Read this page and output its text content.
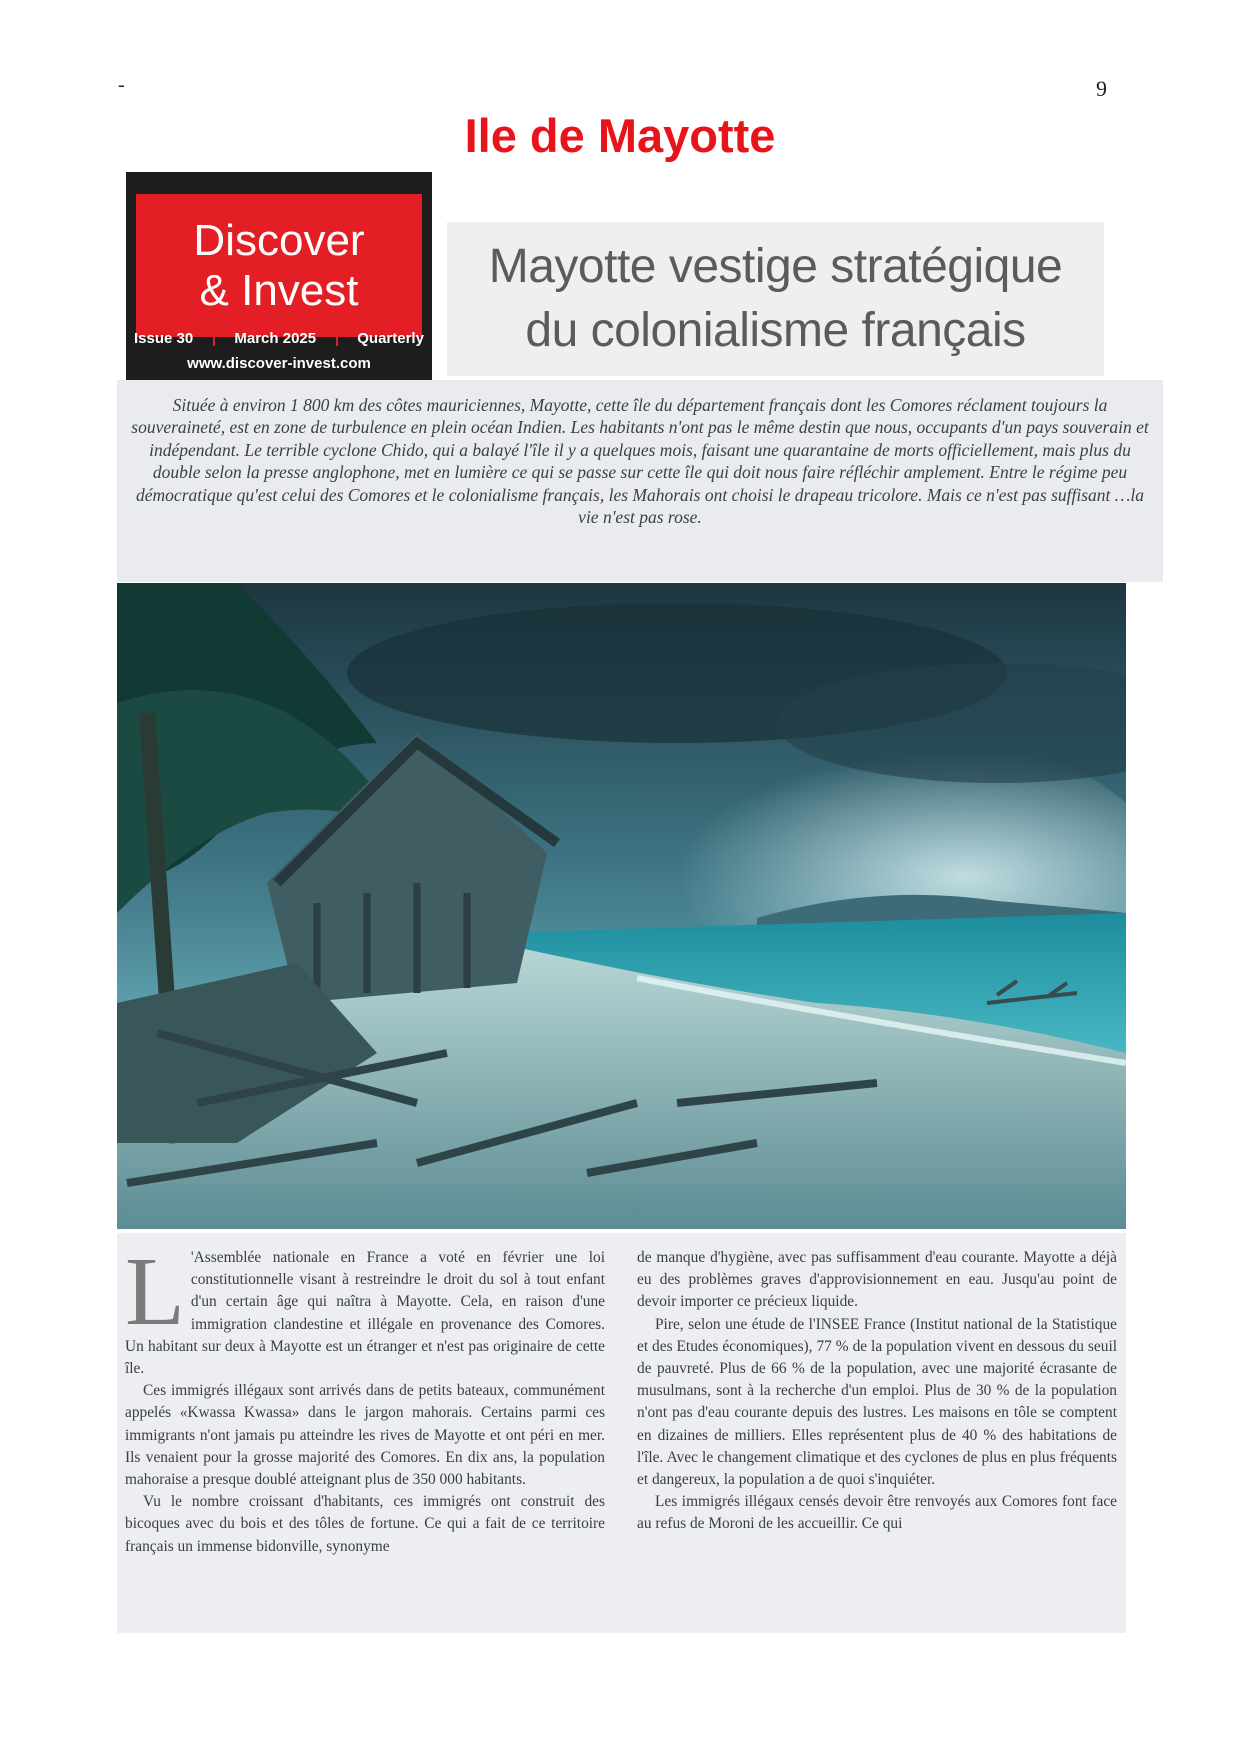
-	9
Ile de Mayotte
Discover
& Invest
Issue 30	March 2025	Quarterly
www.discover-invest.com
Mayotte vestige stratégique
du colonialisme français

Située à environ 1 800 km des côtes mauriciennes, Mayotte, cette île du département français dont les Comores réclament toujours la souveraineté, est en zone de turbulence en plein océan Indien. Les habitants n'ont pas le même destin que nous, occupants d'un pays souverain et indépendant. Le terrible cyclone Chido, qui a balayé l'île il y a quelques mois, faisant une quarantaine de morts officiellement, mais plus du double selon la presse anglophone, met en lumière ce qui se passe sur cette île qui doit nous faire réfléchir amplement. Entre le régime peu démocratique qu'est celui des Comores et le colonialisme français, les Mahorais ont choisi le drapeau tricolore. Mais ce n'est pas suffisant …la vie n'est pas rose.

L 'Assemblée nationale en France a voté en février une loi constitutionnelle visant à restreindre le droit du sol à tout enfant d'un certain âge qui naîtra à Mayotte. Cela, en raison d'une immigration clandestine et illégale en provenance des Comores. Un habitant sur deux à Mayotte est un étranger et n'est pas originaire de cette île.

Ces immigrés illégaux sont arrivés dans de petits bateaux, communément appelés «Kwassa Kwassa» dans le jargon mahorais. Certains parmi ces immigrants n'ont jamais pu atteindre les rives de Mayotte et ont péri en mer. Ils venaient pour la grosse majorité des Comores. En dix ans, la population mahoraise a presque doublé atteignant plus de 350 000 habitants.

Vu le nombre croissant d'habitants, ces immigrés ont construit des bicoques avec du bois et des tôles de fortune. Ce qui a fait de ce territoire français un immense bidonville, synonyme

de manque d'hygiène, avec pas suffisamment d'eau courante. Mayotte a déjà eu des problèmes graves d'approvisionnement en eau. Jusqu'au point de devoir importer ce précieux liquide.

Pire, selon une étude de l'INSEE France (Institut national de la Statistique et des Etudes économiques), 77 % de la population vivent en dessous du seuil de pauvreté. Plus de 66 % de la population, avec une majorité écrasante de musulmans, sont à la recherche d'un emploi. Plus de 30 % de la population n'ont pas d'eau courante depuis des lustres. Les maisons en tôle se comptent en dizaines de milliers. Elles représentent plus de 40 % des habitations de l'île. Avec le changement climatique et des cyclones de plus en plus fréquents et dangereux, la population a de quoi s'inquiéter.

Les immigrés illégaux censés devoir être renvoyés aux Comores font face au refus de Moroni de les accueillir. Ce qui
